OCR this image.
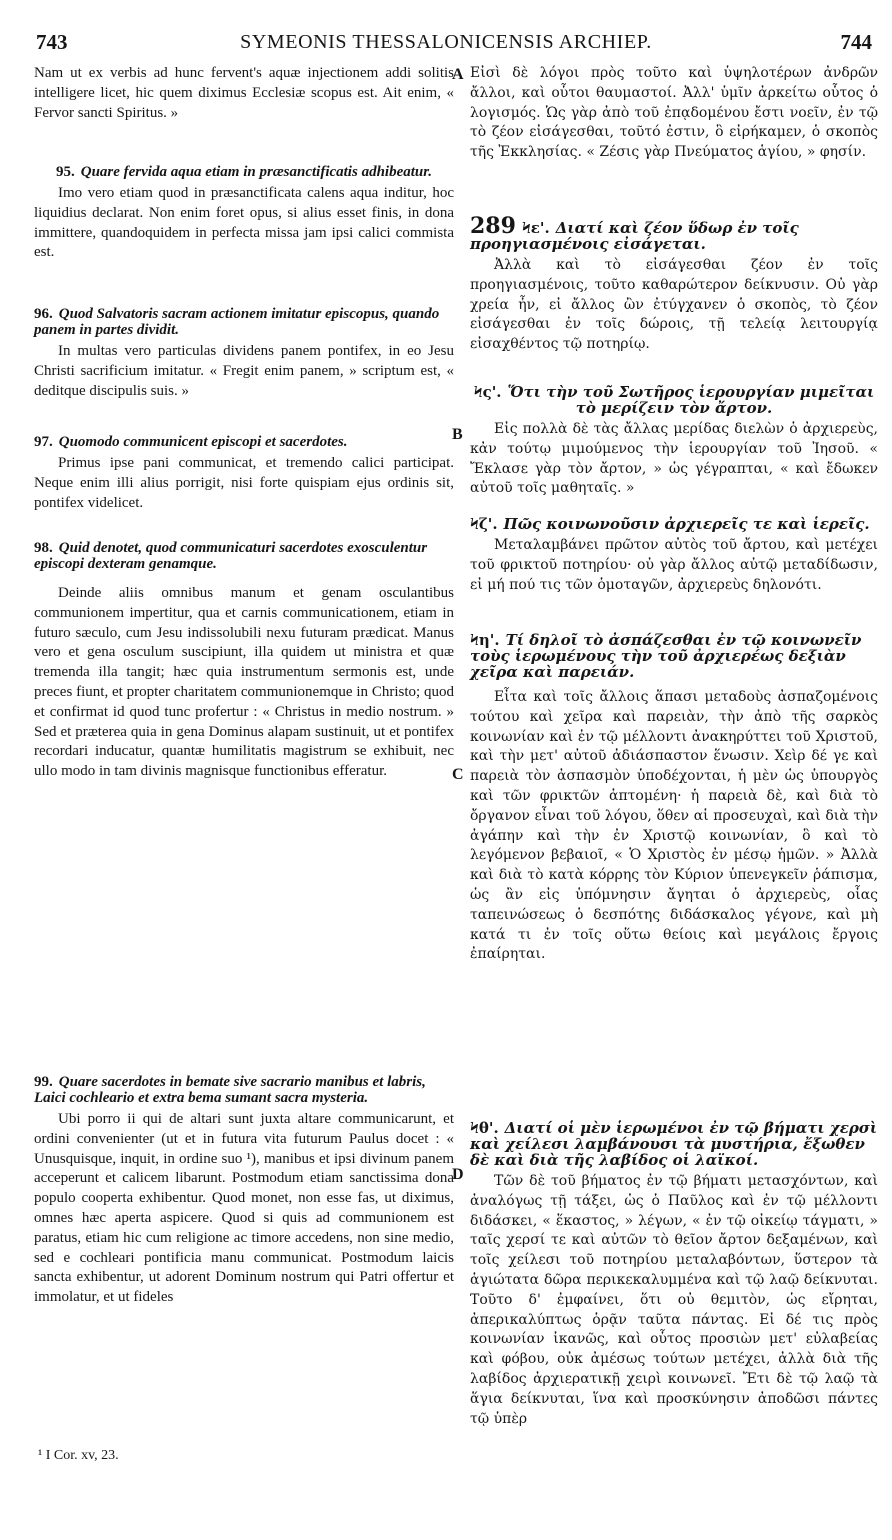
743	SYMEONIS THESSALONICENSIS ARCHIEP.	744
A
B
C
D

Nam ut ex verbis ad hunc fervent's aquæ injectionem addi solitis intelligere licet, hic quem diximus Ecclesiæ scopus est. Ait enim, « Fervor sancti Spiritus. »

95. Quare fervida aqua etiam in præsanctificatis adhibeatur.

Imo vero etiam quod in præsanctificata calens aqua inditur, hoc liquidius declarat. Non enim foret opus, si alius esset finis, in dona immittere, quandoquidem in perfecta missa jam ipsi calici commista est.

96. Quod Salvatoris sacram actionem imitatur episcopus, quando panem in partes dividit.

In multas vero particulas dividens panem pontifex, in eo Jesu Christi sacrificium imitatur. « Fregit enim panem, » scriptum est, « deditque discipulis suis. »

97. Quomodo communicent episcopi et sacerdotes.

Primus ipse pani communicat, et tremendo calici participat. Neque enim illi alius porrigit, nisi forte quispiam ejus ordinis sit, pontifex videlicet.

98. Quid denotet, quod communicaturi sacerdotes exosculentur episcopi dexteram genamque.

Deinde aliis omnibus manum et genam osculantibus communionem impertitur, qua et carnis communicationem, etiam in futuro sæculo, cum Jesu indissolubili nexu futuram prædicat. Manus vero et gena osculum suscipiunt, illa quidem ut ministra et quæ tremenda illa tangit; hæc quia instrumentum sermonis est, unde preces fiunt, et propter charitatem communionemque in Christo; quod et confirmat id quod tunc profertur : « Christus in medio nostrum. » Sed et præterea quia in gena Dominus alapam sustinuit, ut et pontifex recordari inducatur, quantæ humilitatis magistrum se exhibuit, nec ullo modo in tam divinis magnisque functionibus efferatur.

99. Quare sacerdotes in bemate sive sacrario manibus et labris, Laici cochleario et extra bema sumant sacra mysteria.

Ubi porro ii qui de altari sunt juxta altare communicarunt, et ordini convenienter (ut et in futura vita futurum Paulus docet : « Unusquisque, inquit, in ordine suo ¹), manibus et ipsi divinum panem acceperunt et calicem libarunt. Postmodum etiam sanctissima dona populo cooperta exhibentur. Quod monet, non esse fas, ut diximus, omnes hæc aperta aspicere. Quod si quis ad communionem est paratus, etiam hic cum religione ac timore accedens, non sine medio, sed e cochleari pontificia manu communicat. Postmodum laicis sancta exhibentur, ut adorent Dominum nostrum qui Patri offertur et immolatur, et ut fideles

¹ I Cor. xv, 23.

Εἰσὶ δὲ λόγοι πρὸς τοῦτο καὶ ὑψηλοτέρων ἀνδρῶν ἄλλοι, καὶ οὗτοι θαυμαστοί. Ἀλλ' ὑμῖν ἀρκείτω οὗτος ὁ λογισμός. Ὡς γὰρ ἀπὸ τοῦ ἐπᾳδομένου ἔστι νοεῖν, ἐν τῷ τὸ ζέον εἰσάγεσθαι, τοῦτό ἐστιν, ὃ εἰρήκαμεν, ὁ σκοπὸς τῆς Ἐκκλησίας. « Ζέσις γὰρ Πνεύματος ἁγίου, » φησίν.

289 Ϟε'. Διατί καὶ ζέον ὕδωρ ἐν τοῖς προηγιασμένοις εἰσάγεται.

Ἀλλὰ καὶ τὸ εἰσάγεσθαι ζέον ἐν τοῖς προηγιασμένοις, τοῦτο καθαρώτερον δείκνυσιν. Οὐ γὰρ χρεία ἦν, εἰ ἄλλος ὢν ἐτύγχανεν ὁ σκοπὸς, τὸ ζέον εἰσάγεσθαι ἐν τοῖς δώροις, τῇ τελείᾳ λειτουργίᾳ εἰσαχθέντος τῷ ποτηρίῳ.

Ϟς'. Ὅτι τὴν τοῦ Σωτῆρος ἱερουργίαν μιμεῖται τὸ μερίζειν τὸν ἄρτον.

Εἰς πολλὰ δὲ τὰς ἄλλας μερίδας διελὼν ὁ ἀρχιερεὺς, κἀν τούτῳ μιμούμενος τὴν ἱερουργίαν τοῦ Ἰησοῦ. « Ἔκλασε γὰρ τὸν ἄρτον, » ὡς γέγραπται, « καὶ ἔδωκεν αὐτοῦ τοῖς μαθηταῖς. »

Ϟζ'. Πῶς κοινωνοῦσιν ἀρχιερεῖς τε καὶ ἱερεῖς.

Μεταλαμβάνει πρῶτον αὐτὸς τοῦ ἄρτου, καὶ μετέχει τοῦ φρικτοῦ ποτηρίου· οὐ γὰρ ἄλλος αὐτῷ μεταδίδωσιν, εἰ μή πού τις τῶν ὁμοταγῶν, ἀρχιερεὺς δηλονότι.

Ϟη'. Τί δηλοῖ τὸ ἀσπάζεσθαι ἐν τῷ κοινωνεῖν τοὺς ἱερωμένους τὴν τοῦ ἀρχιερέως δεξιὰν χεῖρα καὶ παρειάν.

Εἶτα καὶ τοῖς ἄλλοις ἅπασι μεταδοὺς ἀσπαζομένοις τούτου καὶ χεῖρα καὶ παρειὰν, τὴν ἀπὸ τῆς σαρκὸς κοινωνίαν καὶ ἐν τῷ μέλλοντι ἀνακηρύττει τοῦ Χριστοῦ, καὶ τὴν μετ' αὐτοῦ ἀδιάσπαστον ἕνωσιν. Χεὶρ δέ γε καὶ παρειὰ τὸν ἀσπασμὸν ὑποδέχονται, ἡ μὲν ὡς ὑπουργὸς καὶ τῶν φρικτῶν ἁπτομένη· ἡ παρειὰ δὲ, καὶ διὰ τὸ ὄργανον εἶναι τοῦ λόγου, ὅθεν αἱ προσευχαὶ, καὶ διὰ τὴν ἀγάπην καὶ τὴν ἐν Χριστῷ κοινωνίαν, ὃ καὶ τὸ λεγόμενον βεβαιοῖ, « Ὁ Χριστὸς ἐν μέσῳ ἡμῶν. » Ἀλλὰ καὶ διὰ τὸ κατὰ κόρρης τὸν Κύριον ὑπενεγκεῖν ῥάπισμα, ὡς ἂν εἰς ὑπόμνησιν ἄγηται ὁ ἀρχιερεὺς, οἷας ταπεινώσεως ὁ δεσπότης διδάσκαλος γέγονε, καὶ μὴ κατά τι ἐν τοῖς οὕτω θείοις καὶ μεγάλοις ἔργοις ἐπαίρηται.

Ϟθ'. Διατί οἱ μὲν ἱερωμένοι ἐν τῷ βήματι χερσὶ καὶ χείλεσι λαμβάνουσι τὰ μυστήρια, ἔξωθεν δὲ καὶ διὰ τῆς λαβίδος οἱ λαϊκοί.

Τῶν δὲ τοῦ βήματος ἐν τῷ βήματι μετασχόντων, καὶ ἀναλόγως τῇ τάξει, ὡς ὁ Παῦλος καὶ ἐν τῷ μέλλοντι διδάσκει, « ἕκαστος, » λέγων, « ἐν τῷ οἰκείῳ τάγματι, » ταῖς χερσί τε καὶ αὐτῶν τὸ θεῖον ἄρτον δεξαμένων, καὶ τοῖς χείλεσι τοῦ ποτηρίου μεταλαβόντων, ὕστερον τὰ ἁγιώτατα δῶρα περικεκαλυμμένα καὶ τῷ λαῷ δείκνυται. Τοῦτο δ' ἐμφαίνει, ὅτι οὐ θεμιτὸν, ὡς εἴρηται, ἀπερικαλύπτως ὁρᾷν ταῦτα πάντας. Εἰ δέ τις πρὸς κοινωνίαν ἱκανῶς, καὶ οὗτος προσιὼν μετ' εὐλαβείας καὶ φόβου, οὐκ ἀμέσως τούτων μετέχει, ἀλλὰ διὰ τῆς λαβίδος ἀρχιερατικῇ χειρὶ κοινωνεῖ. Ἔτι δὲ τῷ λαῷ τὰ ἅγια δείκνυται, ἵνα καὶ προσκύνησιν ἀποδῶσι πάντες τῷ ὑπὲρ
